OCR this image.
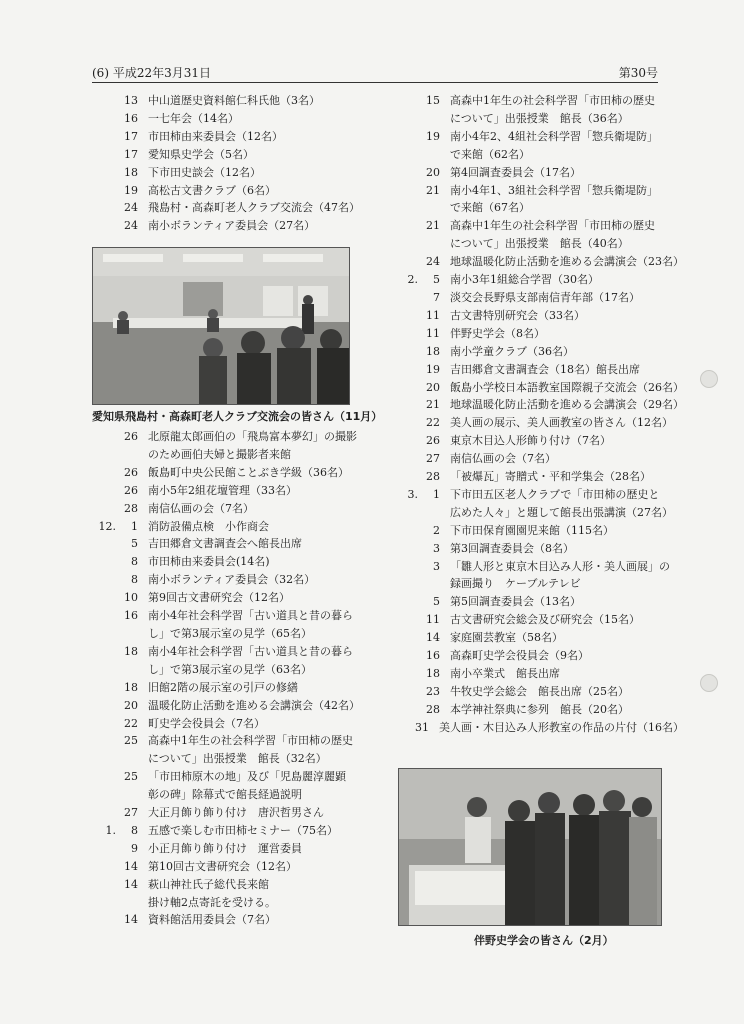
(6) 平成22年3月31日	第30号
13 中山道歴史資料館仁科氏他（3名）
16 一七年会（14名）
17 市田柿由来委員会（12名）
17 愛知県史学会（5名）
18 下市田史談会（12名）
19 高松古文書クラブ（6名）
24 飛島村・高森町老人クラブ交流会（47名）
24 南小ボランティア委員会（27名）
愛知県飛島村・高森町老人クラブ交流会の皆さん（11月）
26 北原龍太郎画伯の「飛鳥富本夢幻」の撮影
のため画伯夫婦と撮影者来館
26 飯島町中央公民館ことぶき学級（36名）
26 南小5年2組花壇管理（33名）
28 南信仏画の会（7名）
12.	1 消防設備点検　小作商会
5 吉田郷倉文書調査会へ館長出席
8 市田柿由来委員会(14名)
8 南小ボランティア委員会（32名）
10 第9回古文書研究会（12名）
16 南小4年社会科学習「古い道具と昔の暮ら
し」で第3展示室の見学（65名）
18 南小4年社会科学習「古い道具と昔の暮ら
し」で第3展示室の見学（63名）
18 旧館2階の展示室の引戸の修繕
20 温暖化防止活動を進める会講演会（42名）
22 町史学会役員会（7名）
25 高森中1年生の社会科学習「市田柿の歴史
について」出張授業　館長（32名）
25 「市田柿原木の地」及び「児島麗淳麗顕
彰の碑」除幕式で館長経過説明
27 大正月飾り飾り付け　唐沢哲男さん
1.	8 五感で楽しむ市田柿セミナー（75名）
9 小正月飾り飾り付け　運営委員
14 第10回古文書研究会（12名）
14 萩山神社氏子総代長来館
掛け軸2点寄託を受ける。
14 資料館活用委員会（7名）
15 高森中1年生の社会科学習「市田柿の歴史
について」出張授業　館長（36名）
19 南小4年2、4組社会科学習「惣兵衛堤防」
で来館（62名）
20 第4回調査委員会（17名）
21 南小4年1、3組社会科学習「惣兵衛堤防」
で来館（67名）
21 高森中1年生の社会科学習「市田柿の歴史
について」出張授業　館長（40名）
24 地球温暖化防止活動を進める会講演会（23名）
2.	5 南小3年1組総合学習（30名）
7 淡交会長野県支部南信青年部（17名）
11 古文書特別研究会（33名）
11 伴野史学会（8名）
18 南小学童クラブ（36名）
19 吉田郷倉文書調査会（18名）館長出席
20 飯島小学校日本語教室国際親子交流会（26名）
21 地球温暖化防止活動を進める会講演会（29名）
22 美人画の展示、美人画教室の皆さん（12名）
26 東京木目込人形飾り付け（7名）
27 南信仏画の会（7名）
28 「被爆瓦」寄贈式・平和学集会（28名）
3.	1 下市田五区老人クラブで「市田柿の歴史と
広めた人々」と題して館長出張講演（27名）
2 下市田保育園園児来館（115名）
3 第3回調査委員会（8名）
3 「雛人形と東京木目込み人形・美人画展」の
録画撮り　ケーブルテレビ
5 第5回調査委員会（13名）
11 古文書研究会総会及び研究会（15名）
14 家庭園芸教室（58名）
16 高森町史学会役員会（9名）
18 南小卒業式　館長出席
23 牛牧史学会総会　館長出席（25名）
28 本学神社祭典に参列　館長（20名）
31 美人画・木目込み人形教室の作品の片付（16名）
伴野史学会の皆さん（2月）
